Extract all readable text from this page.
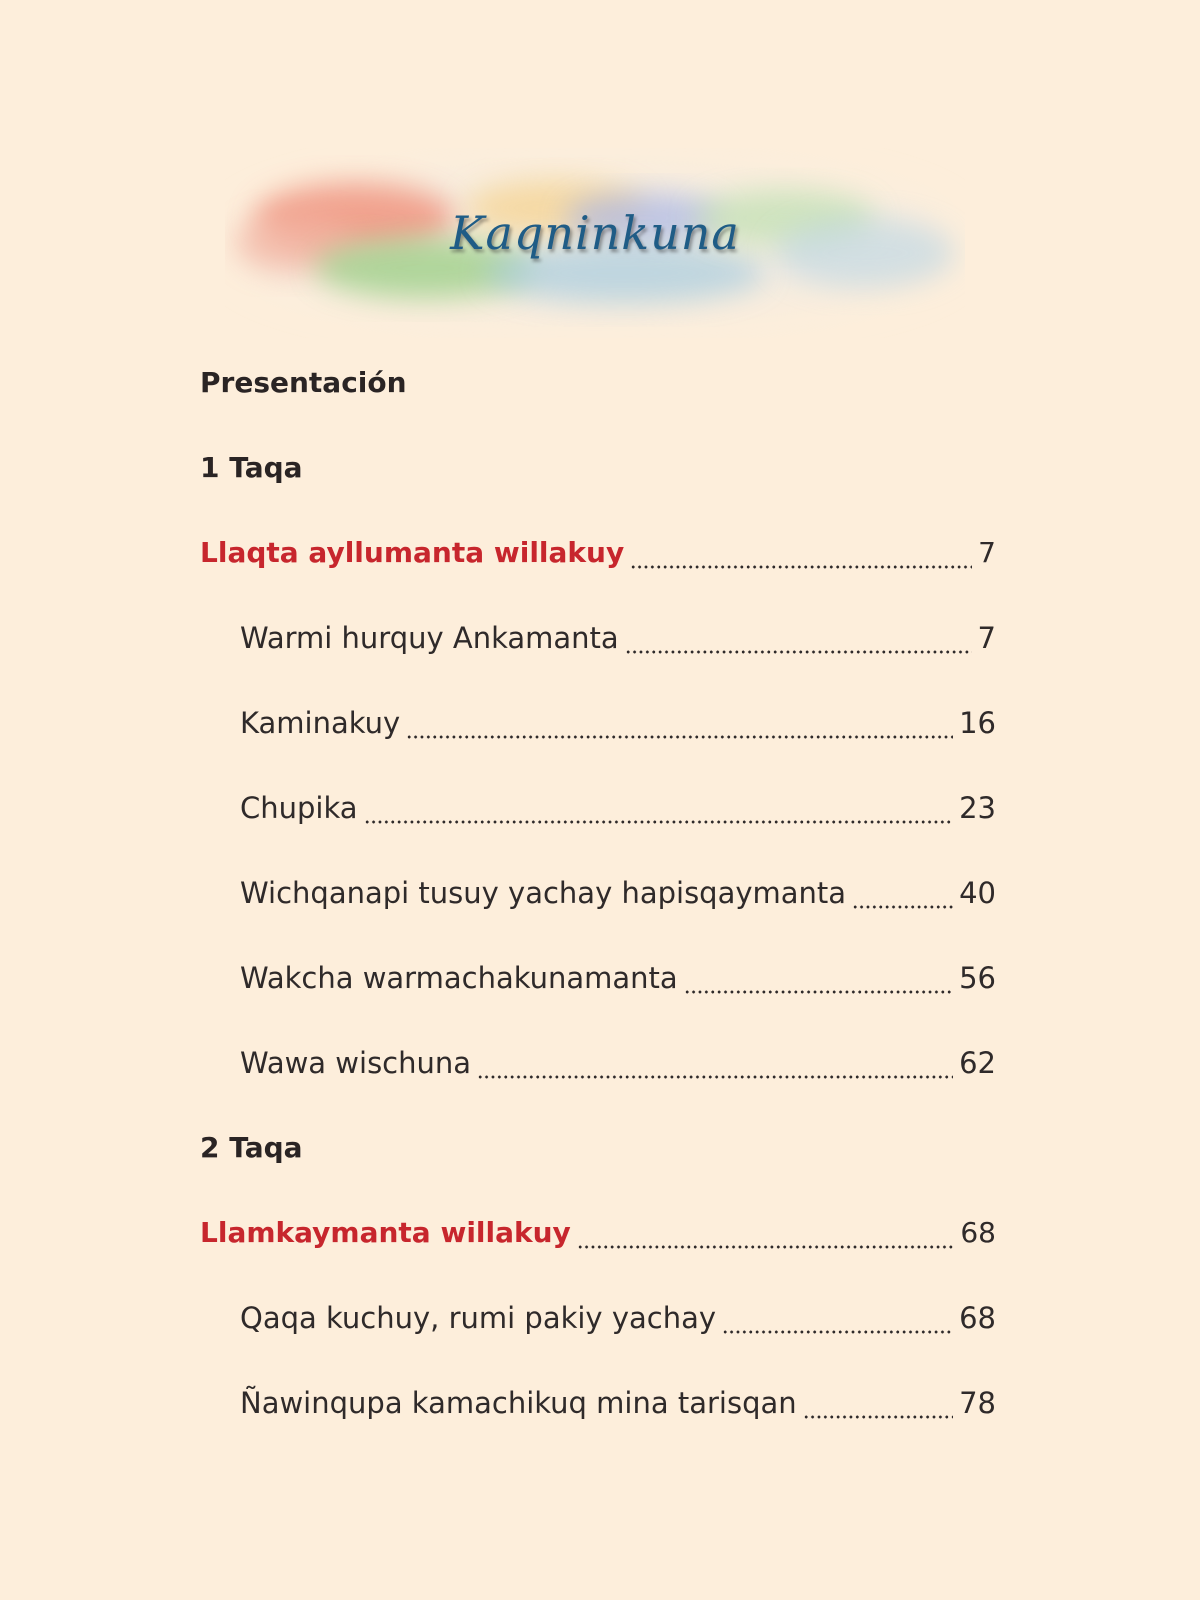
Kaqninkuna
Presentación
1 Taqa
Llaqta ayllumanta willakuy	7
Warmi hurquy Ankamanta	7
Kaminakuy	16
Chupika	23
Wichqanapi tusuy yachay hapisqaymanta	40
Wakcha warmachakunamanta	56
Wawa wischuna	62
2 Taqa
Llamkaymanta willakuy	68
Qaqa kuchuy, rumi pakiy yachay	68
Ñawinqupa kamachikuq mina tarisqan	78
